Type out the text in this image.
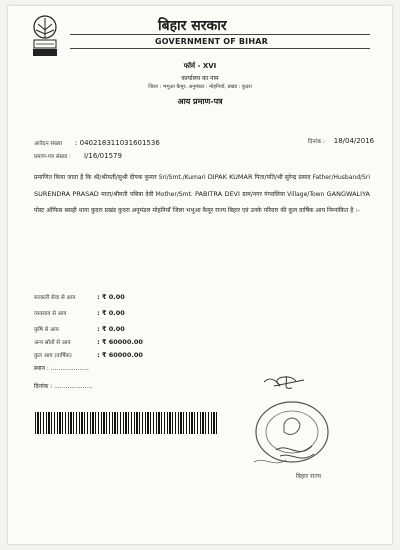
बिहार सरकार
GOVERNMENT OF BIHAR
फॉर्म - XVI
कार्यालय का नाम
जिला : भभुआ कैमूर, अनुमंडल : मोहनियाँ, प्रखंड : कुदरा
आय प्रमाण-पत्र
आवेदन संख्या : 040218311031601536
प्रमाण-पत्र संख्या : I/16/01579
दिनांक : 18/04/2016
प्रमाणित किया जाता है कि श्री/श्रीमती/सुश्री दीपक कुमार Sri/Smt./Kumari DIPAK KUMAR पिता/पति/श्री सुरेन्द्र प्रसाद Father/Husband/Sri SURENDRA PRASAD माता/श्रीमती पबित्रा देवी Mother/Smt. PABITRA DEVI ग्राम/नगर गंगवलिया Village/Town GANGWALIYA पोस्ट ऑफिस बसही थाना कुदरा प्रखंड कुदरा अनुमंडल मोहनियाँ जिला भभुआ कैमूर राज्य बिहार एवं उनके परिवार की कुल वार्षिक आय निम्नांकित है :-
सरकारी सेवा से आय	: ₹ 0.00
व्यवसाय से आय	: ₹ 0.00
कृषि से आय	: ₹ 0.00
अन्य स्रोतों से आय	: ₹ 60000.00
कुल आय (वार्षिक)	: ₹ 60000.00
स्थान : ....................
दिनांक : ....................
बिहार राज्य
